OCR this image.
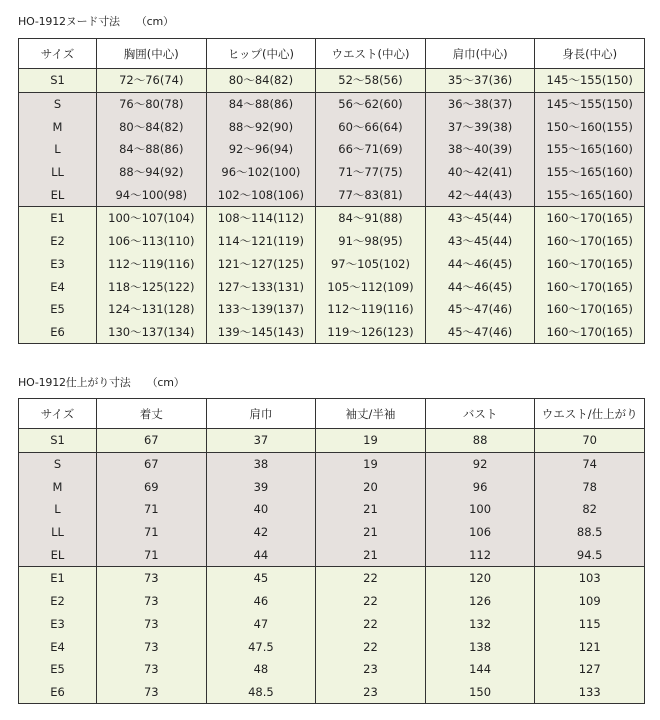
HO-1912ヌード寸法 （cm）
サイズ	胸囲(中心)	ヒップ(中心)	ウエスト(中心)	肩巾(中心)	身長(中心)
S1	72～76(74)	80～84(82)	52～58(56)	35～37(36)	145～155(150)
S	76～80(78)	84～88(86)	56～62(60)	36～38(37)	145～155(150)
M	80～84(82)	88～92(90)	60～66(64)	37～39(38)	150～160(155)
L	84～88(86)	92～96(94)	66～71(69)	38～40(39)	155～165(160)
LL	88～94(92)	96～102(100)	71～77(75)	40～42(41)	155～165(160)
EL	94～100(98)	102～108(106)	77～83(81)	42～44(43)	155～165(160)
E1	100～107(104)	108～114(112)	84～91(88)	43～45(44)	160～170(165)
E2	106～113(110)	114～121(119)	91～98(95)	43～45(44)	160～170(165)
E3	112～119(116)	121～127(125)	97～105(102)	44～46(45)	160～170(165)
E4	118～125(122)	127～133(131)	105～112(109)	44～46(45)	160～170(165)
E5	124～131(128)	133～139(137)	112～119(116)	45～47(46)	160～170(165)
E6	130～137(134)	139～145(143)	119～126(123)	45～47(46)	160～170(165)
HO-1912仕上がり寸法 （cm）
サイズ	着丈	肩巾	袖丈/半袖	バスト	ウエスト/仕上がり
S1	67	37	19	88	70
S	67	38	19	92	74
M	69	39	20	96	78
L	71	40	21	100	82
LL	71	42	21	106	88.5
EL	71	44	21	112	94.5
E1	73	45	22	120	103
E2	73	46	22	126	109
E3	73	47	22	132	115
E4	73	47.5	22	138	121
E5	73	48	23	144	127
E6	73	48.5	23	150	133
